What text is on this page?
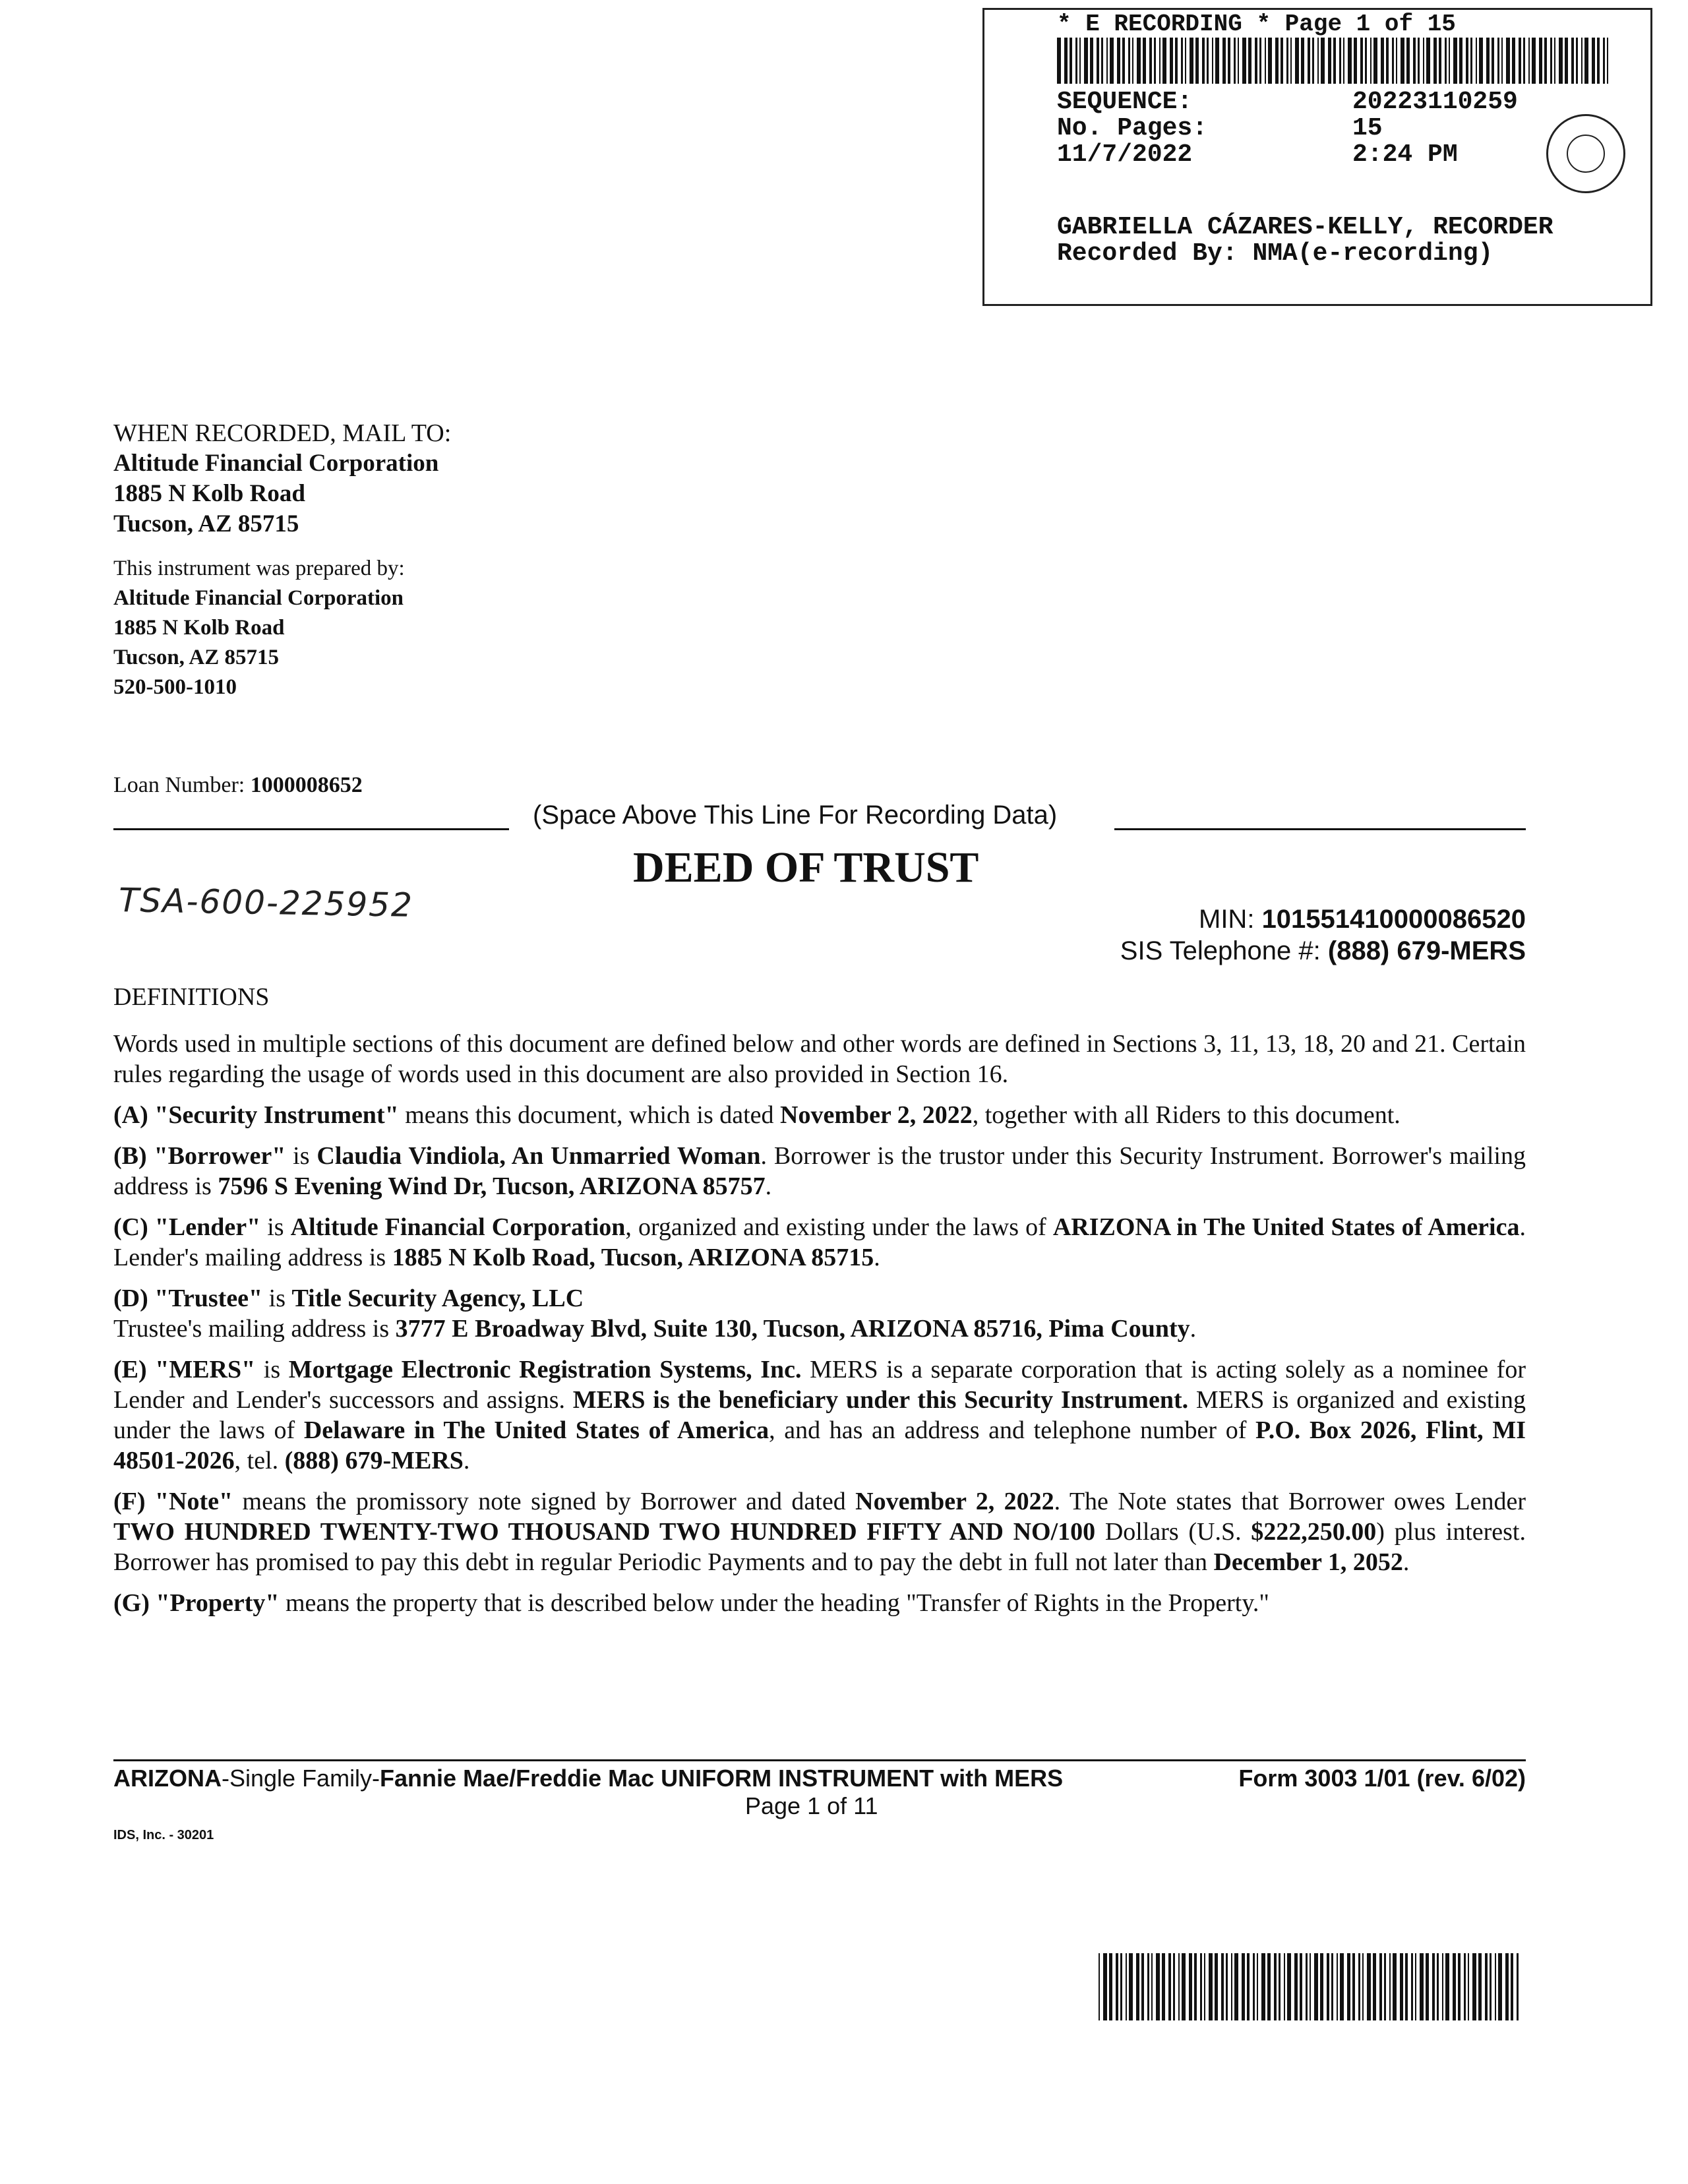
* E RECORDING * Page 1 of 15
SEQUENCE:	20223110259
No. Pages:	15
11/7/2022	2:24 PM
GABRIELLA CÁZARES-KELLY, RECORDER
Recorded By: NMA(e-recording)
WHEN RECORDED, MAIL TO:
Altitude Financial Corporation
1885 N Kolb Road
Tucson, AZ 85715
This instrument was prepared by:
Altitude Financial Corporation
1885 N Kolb Road
Tucson, AZ 85715
520-500-1010
Loan Number: 1000008652
(Space Above This Line For Recording Data)
DEED OF TRUST
TSA-600-225952	MIN: 101551410000086520
SIS Telephone #: (888) 679-MERS
DEFINITIONS

Words used in multiple sections of this document are defined below and other words are defined in Sections 3, 11, 13, 18, 20 and 21. Certain rules regarding the usage of words used in this document are also provided in Section 16.

(A) "Security Instrument" means this document, which is dated November 2, 2022, together with all Riders to this document.

(B) "Borrower" is Claudia Vindiola, An Unmarried Woman. Borrower is the trustor under this Security Instrument. Borrower's mailing address is 7596 S Evening Wind Dr, Tucson, ARIZONA 85757.

(C) "Lender" is Altitude Financial Corporation, organized and existing under the laws of ARIZONA in The United States of America. Lender's mailing address is 1885 N Kolb Road, Tucson, ARIZONA 85715.

(D) "Trustee" is Title Security Agency, LLC
Trustee's mailing address is 3777 E Broadway Blvd, Suite 130, Tucson, ARIZONA 85716, Pima County.

(E) "MERS" is Mortgage Electronic Registration Systems, Inc. MERS is a separate corporation that is acting solely as a nominee for Lender and Lender's successors and assigns. MERS is the beneficiary under this Security Instrument. MERS is organized and existing under the laws of Delaware in The United States of America, and has an address and telephone number of P.O. Box 2026, Flint, MI 48501-2026, tel. (888) 679-MERS.

(F) "Note" means the promissory note signed by Borrower and dated November 2, 2022. The Note states that Borrower owes Lender TWO HUNDRED TWENTY-TWO THOUSAND TWO HUNDRED FIFTY AND NO/100 Dollars (U.S. $222,250.00) plus interest. Borrower has promised to pay this debt in regular Periodic Payments and to pay the debt in full not later than December 1, 2052.

(G) "Property" means the property that is described below under the heading "Transfer of Rights in the Property."

ARIZONA-Single Family-Fannie Mae/Freddie Mac UNIFORM INSTRUMENT with MERS	Form 3003 1/01 (rev. 6/02)
Page 1 of 11
IDS, Inc. - 30201
